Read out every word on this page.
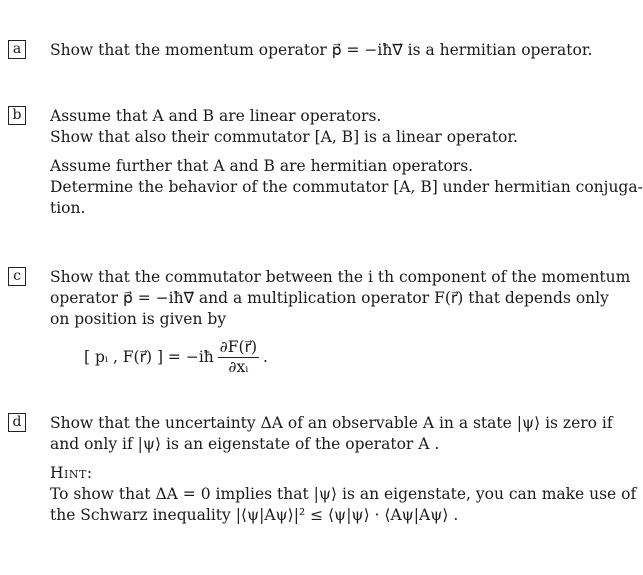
a	Show that the momentum operator p⃗ = −iħ∇⃗ is a hermitian operator.
b Assume that A and B are linear operators.
Show that also their commutator [A, B] is a linear operator.
Assume further that A and B are hermitian operators.
Determine the behavior of the commutator [A, B] under hermitian conjuga-
tion.
c	Show that the commutator between the i th component of the momentum
operator p⃗ = −iħ∇⃗ and a multiplication operator F(r⃗) that depends only
on position is given by
[ pᵢ , F(r⃗) ] = −iħ $\frac{\partial F(r⃗)}{\text{∂xᵢ}}$ .
d Show that the uncertainty ΔA of an observable A in a state |ψ⟩ is zero if
and only if |ψ⟩ is an eigenstate of the operator A .
Hint:
To show that ΔA = 0 implies that |ψ⟩ is an eigenstate, you can make use of
the Schwarz inequality |⟨ψ|Aψ⟩|² ≤ ⟨ψ|ψ⟩ · ⟨Aψ|Aψ⟩ .
